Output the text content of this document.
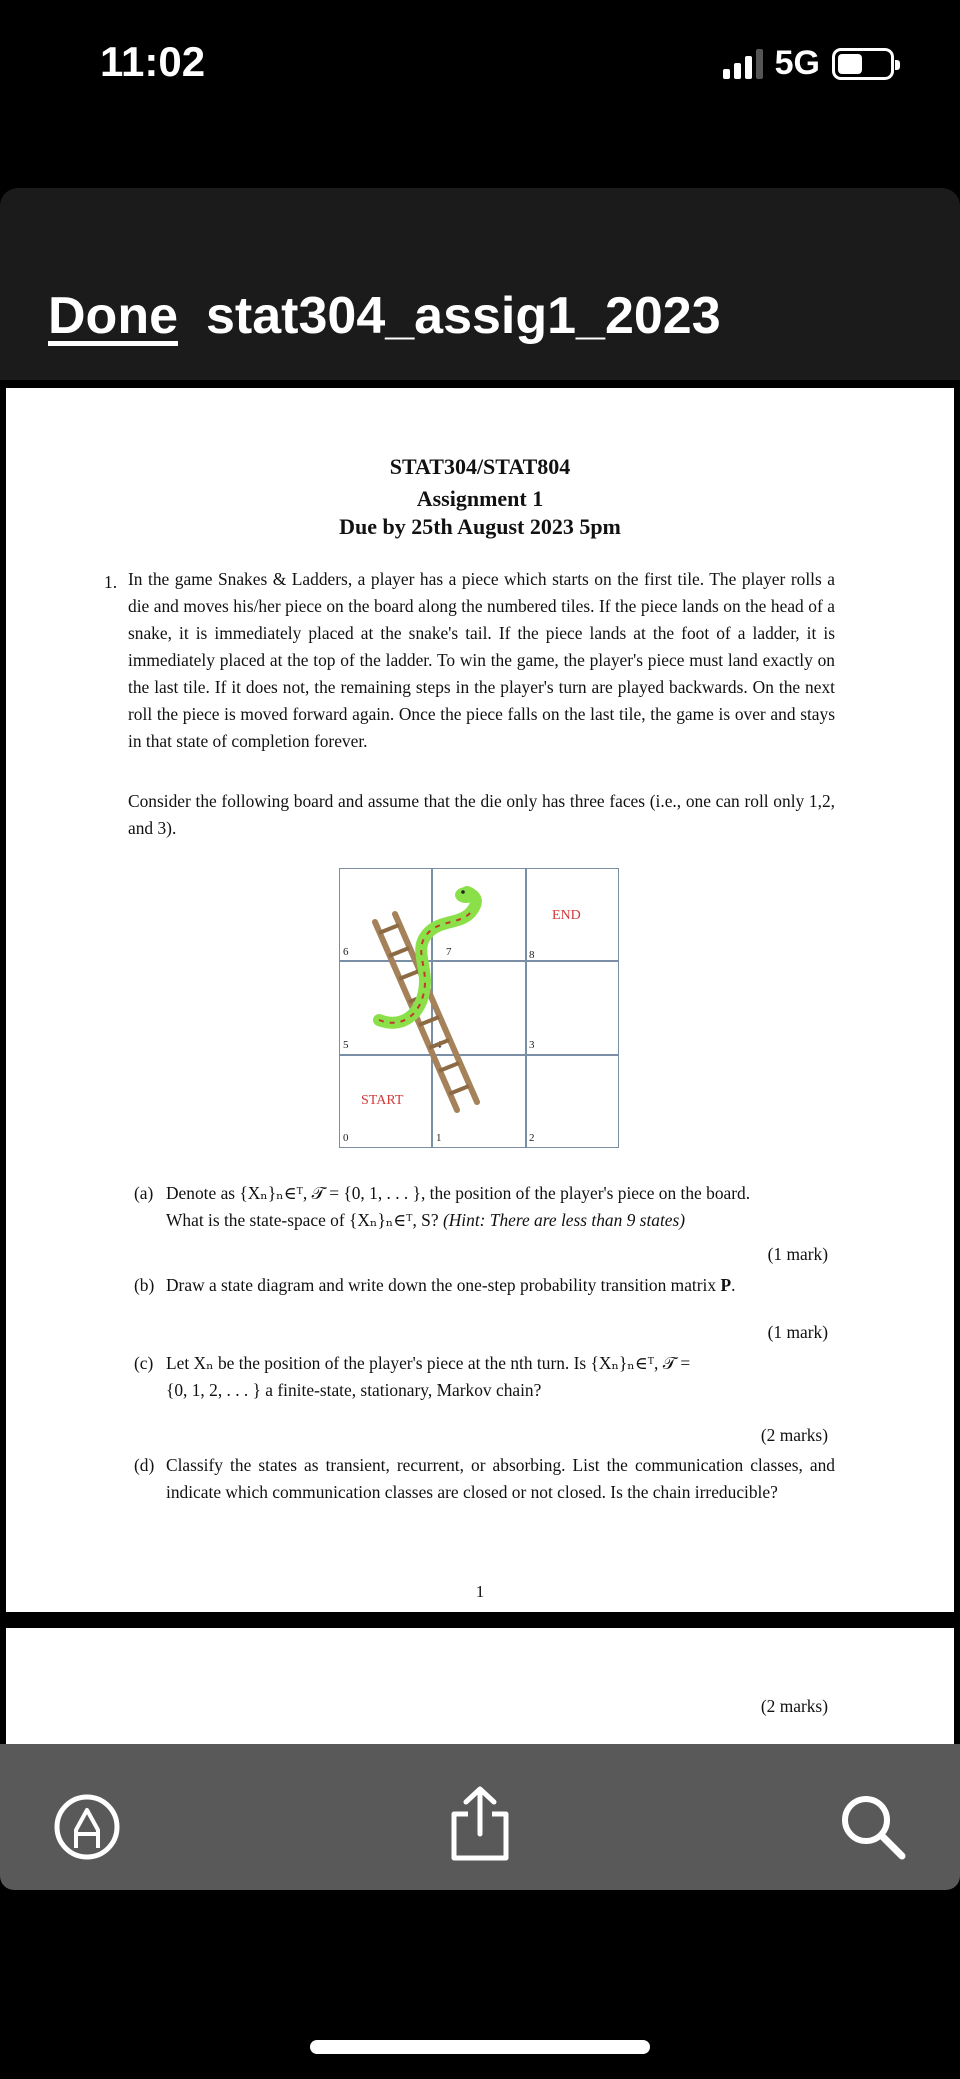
11:02	5G
Done stat304_assig1_2023
STAT304/STAT804
Assignment 1
Due by 25th August 2023 5pm
1. In the game Snakes & Ladders, a player has a piece which starts on the first tile. The player rolls a die and moves his/her piece on the board along the numbered tiles. If the piece lands on the head of a snake, it is immediately placed at the snake's tail. If the piece lands at the foot of a ladder, it is immediately placed at the top of the ladder. To win the game, the player's piece must land exactly on the last tile. If it does not, the remaining steps in the player's turn are played backwards. On the next roll the piece is moved forward again. Once the piece falls on the last tile, the game is over and stays in that state of completion forever.
Consider the following board and assume that the die only has three faces (i.e., one can roll only 1,2, and 3).
0	1	2
3
5
6	7	8
START
END
(a) Denote as {Xₙ}ₙ∈ᵀ, 𝒯 = {0, 1, . . . }, the position of the player's piece on the board.
What is the state-space of {Xₙ}ₙ∈ᵀ, S? (Hint: There are less than 9 states)
(1 mark)
(b) Draw a state diagram and write down the one-step probability transition matrix P.
(1 mark)
(c) Let Xₙ be the position of the player's piece at the nth turn. Is {Xₙ}ₙ∈ᵀ, 𝒯 =
{0, 1, 2, . . . } a finite-state, stationary, Markov chain?
(2 marks)
(d) Classify the states as transient, recurrent, or absorbing. List the communication classes, and indicate which communication classes are closed or not closed. Is the chain irreducible?
1
(2 marks)
